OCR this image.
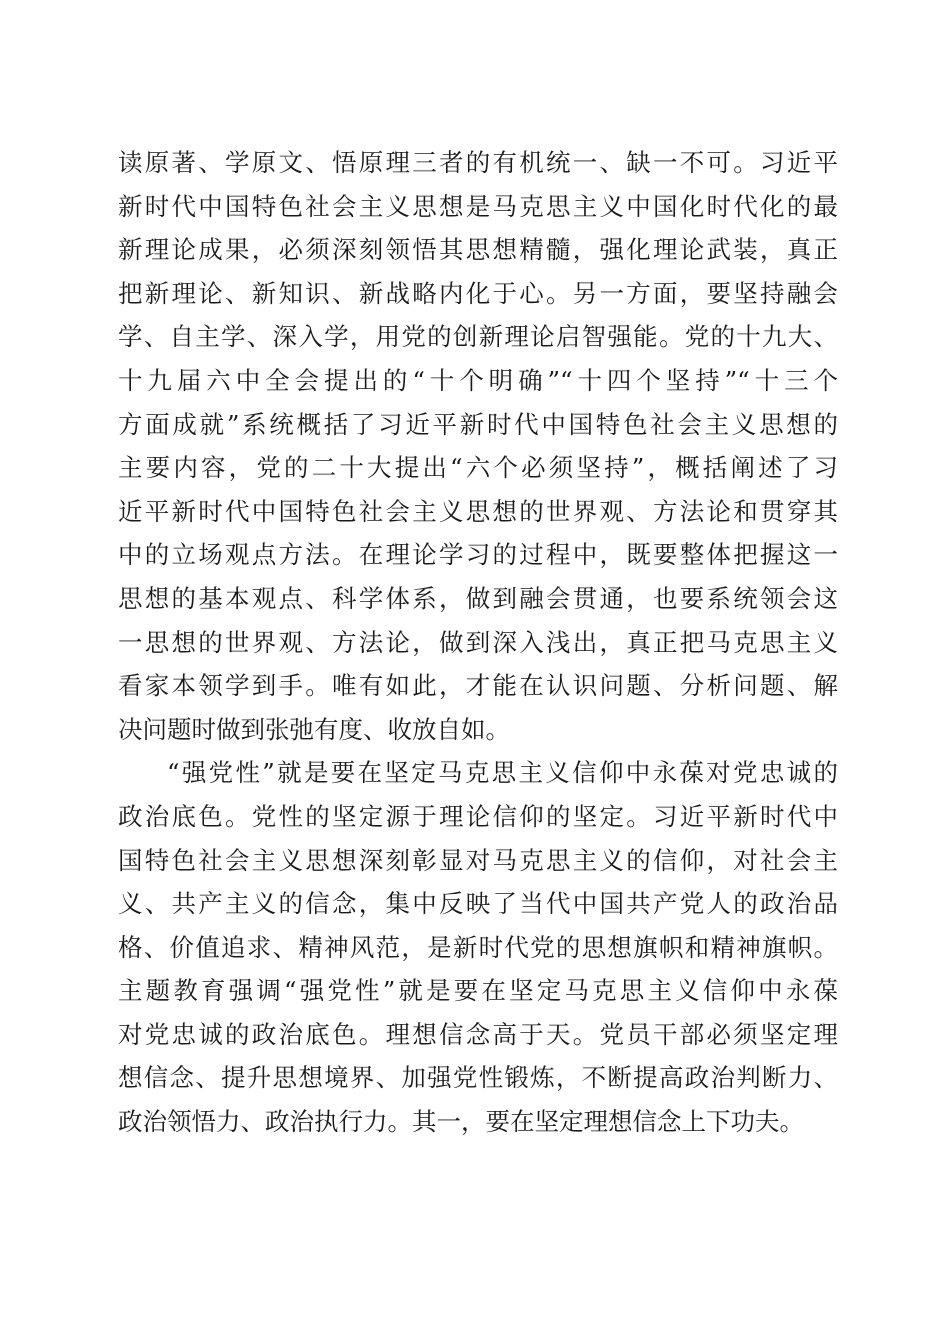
读原著、学原文、悟原理三者的有机统一、缺一不可。习近平
新时代中国特色社会主义思想是马克思主义中国化时代化的最
新理论成果，必须深刻领悟其思想精髓，强化理论武装，真正
把新理论、新知识、新战略内化于心。另一方面，要坚持融会
学、自主学、深入学，用党的创新理论启智强能。党的十九大、
十九届六中全会提出的“十个明确”“十四个坚持”“十三个
方面成就”系统概括了习近平新时代中国特色社会主义思想的
主要内容，党的二十大提出“六个必须坚持”，概括阐述了习
近平新时代中国特色社会主义思想的世界观、方法论和贯穿其
中的立场观点方法。在理论学习的过程中，既要整体把握这一
思想的基本观点、科学体系，做到融会贯通，也要系统领会这
一思想的世界观、方法论，做到深入浅出，真正把马克思主义
看家本领学到手。唯有如此，才能在认识问题、分析问题、解
决问题时做到张弛有度、收放自如。
“强党性”就是要在坚定马克思主义信仰中永葆对党忠诚的
政治底色。党性的坚定源于理论信仰的坚定。习近平新时代中
国特色社会主义思想深刻彰显对马克思主义的信仰，对社会主
义、共产主义的信念，集中反映了当代中国共产党人的政治品
格、价值追求、精神风范，是新时代党的思想旗帜和精神旗帜。
主题教育强调“强党性”就是要在坚定马克思主义信仰中永葆
对党忠诚的政治底色。理想信念高于天。党员干部必须坚定理
想信念、提升思想境界、加强党性锻炼，不断提高政治判断力、
政治领悟力、政治执行力。其一，要在坚定理想信念上下功夫。
